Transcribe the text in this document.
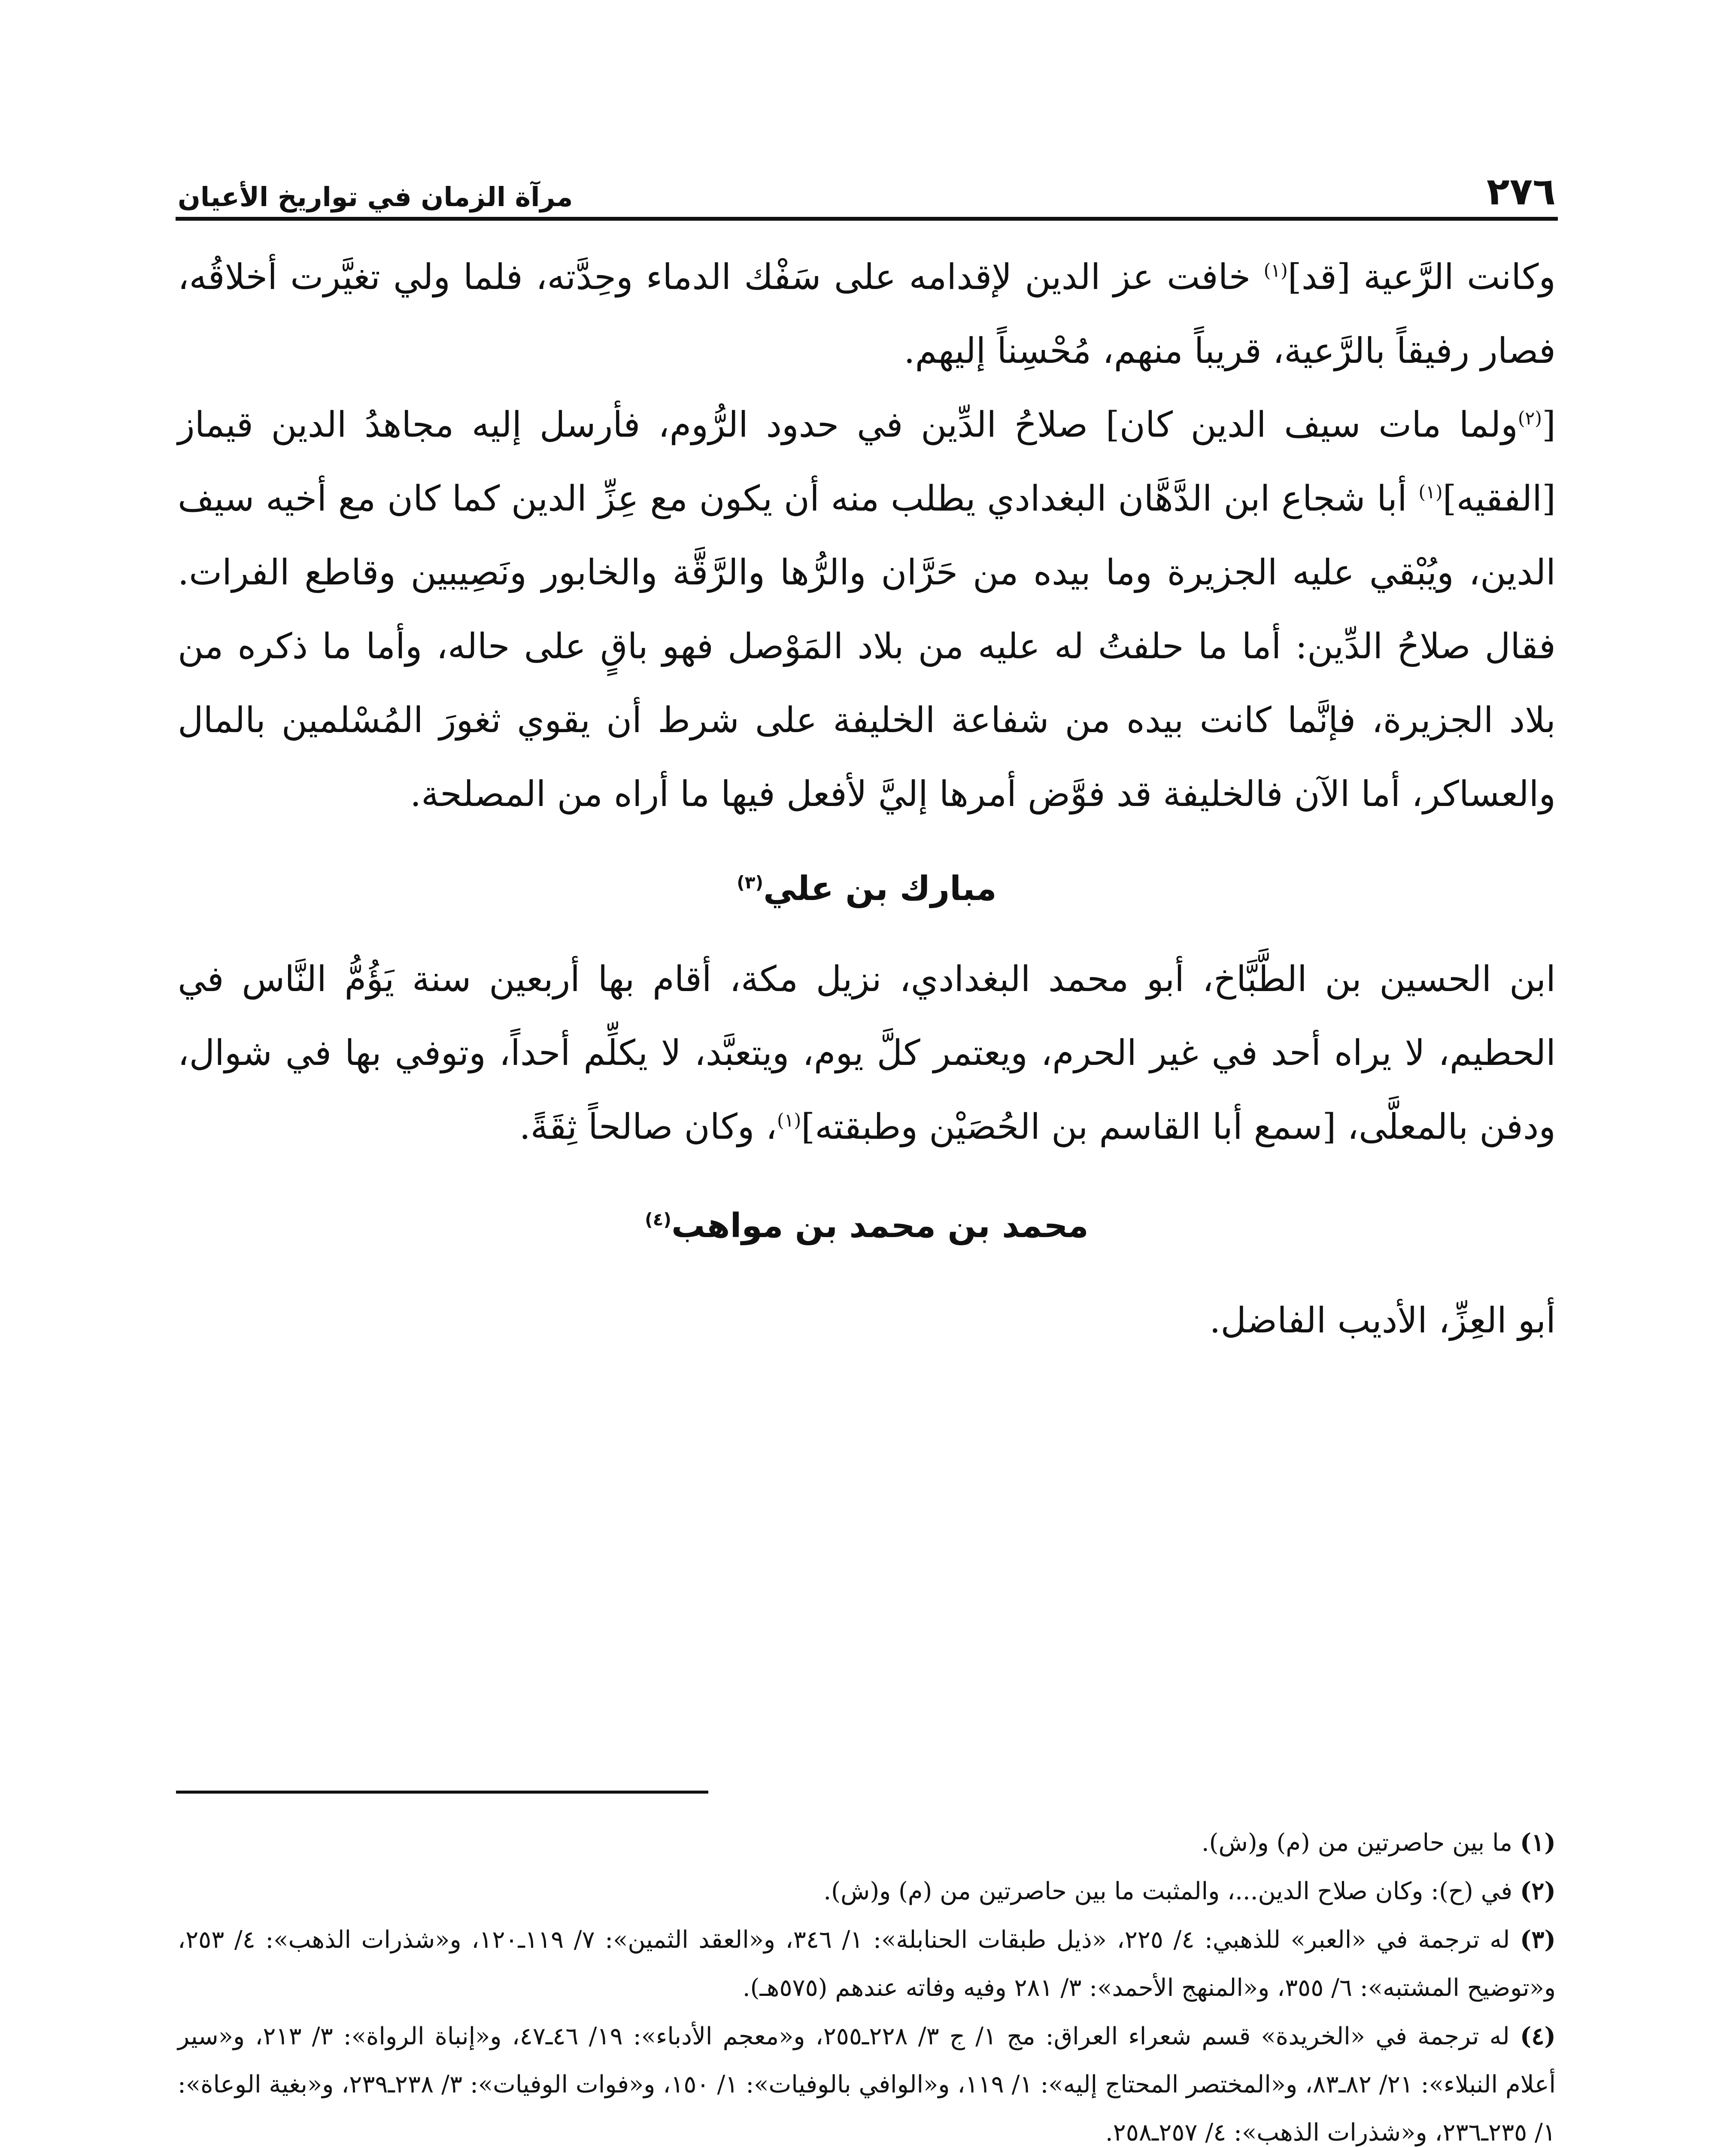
٢٧٦
مرآة الزمان في تواريخ الأعيان

وكانت الرَّعية [قد]$^{(١)}$ خافت عز الدين لإقدامه على سَفْك الدماء وحِدَّته، فلما ولي تغيَّرت أخلاقُه، فصار رفيقاً بالرَّعية، قريباً منهم، مُحْسِناً إليهم.

[$^{(٢)}$ولما مات سيف الدين كان] صلاحُ الدِّين في حدود الرُّوم، فأرسل إليه مجاهدُ الدين قيماز [الفقيه]$^{(١)}$ أبا شجاع ابن الدَّهَّان البغدادي يطلب منه أن يكون مع عِزِّ الدين كما كان مع أخيه سيف الدين، ويُبْقي عليه الجزيرة وما بيده من حَرَّان والرُّها والرَّقَّة والخابور ونَصِيبين وقاطع الفرات. فقال صلاحُ الدِّين: أما ما حلفتُ له عليه من بلاد المَوْصل فهو باقٍ على حاله، وأما ما ذكره من بلاد الجزيرة، فإنَّما كانت بيده من شفاعة الخليفة على شرط أن يقوي ثغورَ المُسْلمين بالمال والعساكر، أما الآن فالخليفة قد فوَّض أمرها إليَّ لأفعل فيها ما أراه من المصلحة.

مبارك بن علي$^{(٣)}$

ابن الحسين بن الطَّبَّاخ، أبو محمد البغدادي، نزيل مكة، أقام بها أربعين سنة يَؤُمُّ النَّاس في الحطيم، لا يراه أحد في غير الحرم، ويعتمر كلَّ يوم، ويتعبَّد، لا يكلِّم أحداً، وتوفي بها في شوال، ودفن بالمعلَّى، [سمع أبا القاسم بن الحُصَيْن وطبقته]$^{(١)}$، وكان صالحاً ثِقَةً.

محمد بن محمد بن مواهب$^{(٤)}$

أبو العِزِّ، الأديب الفاضل.

(١) ما بين حاصرتين من (م) و(ش).

(٢) في (ح): وكان صلاح الدين...، والمثبت ما بين حاصرتين من (م) و(ش).

(٣) له ترجمة في «العبر» للذهبي: ٤/ ٢٢٥، «ذيل طبقات الحنابلة»: ١/ ٣٤٦، و«العقد الثمين»: ٧/ ١١٩ـ١٢٠، و«شذرات الذهب»: ٤/ ٢٥٣، و«توضيح المشتبه»: ٦/ ٣٥٥، و«المنهج الأحمد»: ٣/ ٢٨١ وفيه وفاته عندهم (٥٧٥هـ).

(٤) له ترجمة في «الخريدة» قسم شعراء العراق: مج ١/ ج ٣/ ٢٢٨ـ٢٥٥، و«معجم الأدباء»: ١٩/ ٤٦ـ٤٧، و«إنباة الرواة»: ٣/ ٢١٣، و«سير أعلام النبلاء»: ٢١/ ٨٢ـ٨٣، و«المختصر المحتاج إليه»: ١/ ١١٩، و«الوافي بالوفيات»: ١/ ١٥٠، و«فوات الوفيات»: ٣/ ٢٣٨ـ٢٣٩، و«بغية الوعاة»: ١/ ٢٣٥ـ٢٣٦، و«شذرات الذهب»: ٤/ ٢٥٧ـ٢٥٨.
